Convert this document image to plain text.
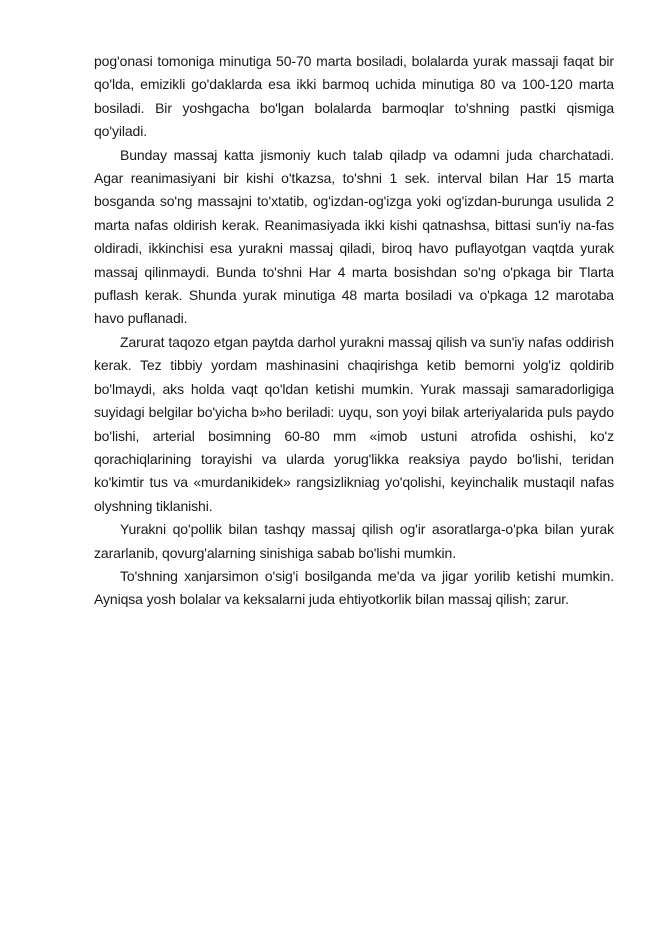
pog'onasi tomoniga minutiga 50-70 marta bosiladi, bolalarda yurak massaji faqat bir qo'lda, emizikli go'daklarda esa ikki barmoq uchida minutiga 80 va 100-120 marta bosiladi. Bir yoshgacha bo'lgan bolalarda barmoqlar to'shning pastki qismiga qo'yiladi.

Bunday massaj katta jismoniy kuch talab qiladp va odamni juda charchatadi. Agar reanimasiyani bir kishi o'tkazsa, to'shni 1 sek. interval bilan Har 15 marta bosganda so'ng massajni to'xtatib, og'izdan-og'izga yoki og'izdan-burunga usulida 2 marta nafas oldirish kerak. Reanimasiyada ikki kishi qatnashsa, bittasi sun'iy na-fas oldiradi, ikkinchisi esa yurakni massaj qiladi, biroq havo puflayotgan vaqtda yurak massaj qilinmaydi. Bunda to'shni Har 4 marta bosishdan so'ng o'pkaga bir Tlarta puflash kerak. Shunda yurak minutiga 48 marta bosiladi va o'pkaga 12 marotaba havo puflanadi.

Zarurat taqozo etgan paytda darhol yurakni massaj qilish va sun'iy nafas oddirish kerak. Tez tibbiy yordam mashinasini chaqirishga ketib bemorni yolg'iz qoldirib bo'lmaydi, aks holda vaqt qo'ldan ketishi mumkin. Yurak massaji samaradorligiga suyidagi belgilar bo'yicha b»ho beriladi: uyqu, son yoyi bilak arteriyalarida puls paydo bo'lishi, arterial bosimning 60-80 mm «imob ustuni atrofida oshishi, ko'z qorachiqlarining torayishi va ularda yorug'likka reaksiya paydo bo'lishi, teridan ko'kimtir tus va «murdanikidek» rangsizlikniag yo'qolishi, keyinchalik mustaqil nafas olyshning tiklanishi.

Yurakni qo'pollik bilan tashqy massaj qilish og'ir asoratlarga-o'pka bilan yurak zararlanib, qovurg'alarning sinishiga sabab bo'lishi mumkin.

To'shning xanjarsimon o'sig'i bosilganda me'da va jigar yorilib ketishi mumkin. Ayniqsa yosh bolalar va keksalarni juda ehtiyotkorlik bilan massaj qilish; zarur.
